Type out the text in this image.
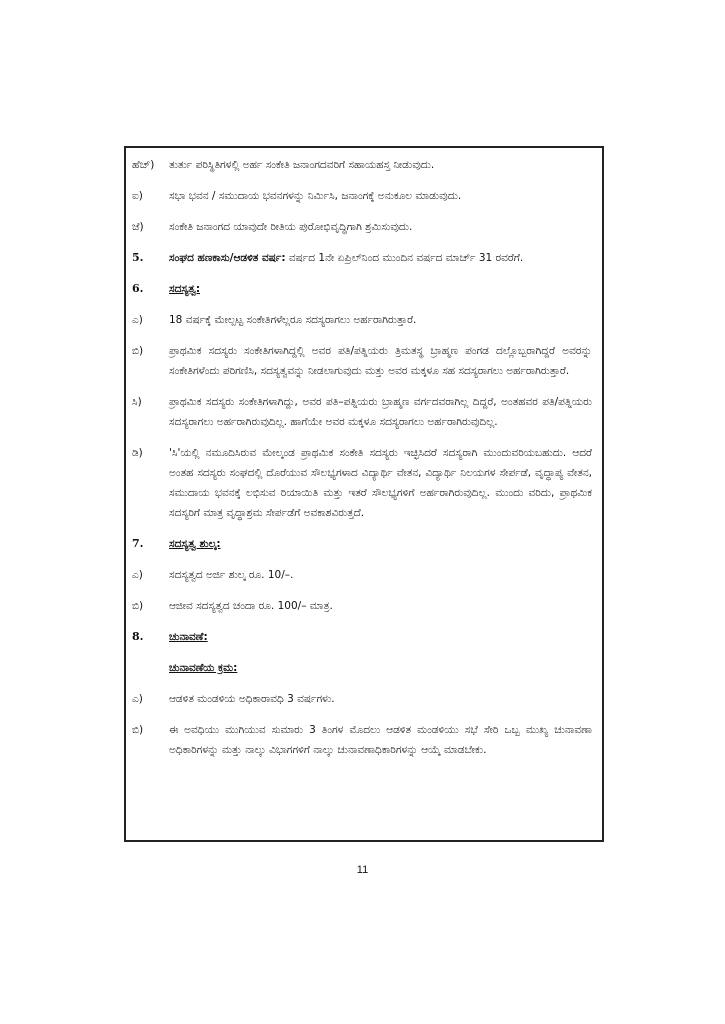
ಹೆಚ್)	ತುರ್ತು ಪರಿಸ್ಥಿತಿಗಳಲ್ಲಿ ಅರ್ಹ ಸಂಕೇತಿ ಜನಾಂಗದವರಿಗೆ ಸಹಾಯಹಸ್ತ ನೀಡುವುದು.
ಐ)	ಸಭಾ ಭವನ / ಸಮುದಾಯ ಭವನಗಳನ್ನು ನಿರ್ಮಿಸಿ, ಜನಾಂಗಕ್ಕೆ ಅನುಕೂಲ ಮಾಡುವುದು.
ಜೆ)	ಸಂಕೇತಿ ಜನಾಂಗದ ಯಾವುದೇ ರೀತಿಯ ಪುರೋಭಿವೃದ್ಧಿಗಾಗಿ ಶ್ರಮಿಸುವುದು.
5.	ಸಂಘದ ಹಣಕಾಸು/ಆಡಳಿತ ವರ್ಷ: ವರ್ಷದ 1ನೇ ಏಪ್ರಿಲ್‌ನಿಂದ ಮುಂದಿನ ವರ್ಷದ ಮಾರ್ಚ್ 31 ರವರೆಗೆ.
6.	ಸದಸ್ಯತ್ವ:
ಎ)	18 ವರ್ಷಕ್ಕೆ ಮೇಲ್ಪಟ್ಟ ಸಂಕೇತಿಗಳೆಲ್ಲರೂ ಸದಸ್ಯರಾಗಲು ಅರ್ಹರಾಗಿರುತ್ತಾರೆ.
ಬಿ)	ಪ್ರಾಥಮಿಕ ಸದಸ್ಯರು ಸಂಕೇತಿಗಳಾಗಿದ್ದಲ್ಲಿ ಅವರ ಪತಿ/ಪತ್ನಿಯರು ತ್ರಿಮತಸ್ಥ ಬ್ರಾಹ್ಮಣ ಪಂಗಡ ದಲ್ಲೊಬ್ಬರಾಗಿದ್ದರೆ ಅವರನ್ನು ಸಂಕೇತಿಗಳೆಂದು ಪರಿಗಣಿಸಿ, ಸದಸ್ಯತ್ವವನ್ನು ನೀಡಲಾಗುವುದು ಮತ್ತು ಅವರ ಮಕ್ಕಳೂ ಸಹ ಸದಸ್ಯರಾಗಲು ಅರ್ಹರಾಗಿರುತ್ತಾರೆ.
ಸಿ)	ಪ್ರಾಥಮಿಕ ಸದಸ್ಯರು ಸಂಕೇತಿಗಳಾಗಿದ್ದು, ಅವರ ಪತಿ–ಪತ್ನಿಯರು ಬ್ರಾಹ್ಮಣ ವರ್ಗದವರಾಗಿಲ್ಲ ದಿದ್ದರೆ, ಅಂತಹವರ ಪತಿ/ಪತ್ನಿಯರು ಸದಸ್ಯರಾಗಲು ಅರ್ಹರಾಗಿರುವುದಿಲ್ಲ. ಹಾಗೆಯೇ ಅವರ ಮಕ್ಕಳೂ ಸದಸ್ಯರಾಗಲು ಅರ್ಹರಾಗಿರುವುದಿಲ್ಲ.
ಡಿ)	'ಸಿ'ಯಲ್ಲಿ ನಮೂದಿಸಿರುವ ಮೇಲ್ಕಂಡ ಪ್ರಾಥಮಿಕ ಸಂಕೇತಿ ಸದಸ್ಯರು ಇಚ್ಛಿಸಿದರೆ ಸದಸ್ಯರಾಗಿ ಮುಂದುವರಿಯಬಹುದು. ಆದರೆ ಅಂತಹ ಸದಸ್ಯರು ಸಂಘದಲ್ಲಿ ದೊರೆಯುವ ಸೌಲಭ್ಯಗಳಾದ ವಿದ್ಯಾರ್ಥಿ ವೇತನ, ವಿದ್ಯಾರ್ಥಿ ನಿಲಯಗಳ ಸೇರ್ಪಡೆ, ವೃದ್ಧಾಪ್ಯ ವೇತನ, ಸಮುದಾಯ ಭವನಕ್ಕೆ ಲಭಿಸುವ ರಿಯಾಯಿತಿ ಮತ್ತು ಇತರೆ ಸೌಲಭ್ಯಗಳಿಗೆ ಅರ್ಹರಾಗಿರುವುದಿಲ್ಲ. ಮುಂದು ವರಿದು, ಪ್ರಾಥಮಿಕ ಸದಸ್ಯರಿಗೆ ಮಾತ್ರ ವೃದ್ಧಾಶ್ರಮ ಸೇರ್ಪಡೆಗೆ ಅವಕಾಶವಿರುತ್ತದೆ.
7.	ಸದಸ್ಯತ್ವ ಶುಲ್ಕ:
ಎ)	ಸದಸ್ಯತ್ವದ ಅರ್ಜಿ ಶುಲ್ಕ ರೂ. 10/–.
ಬಿ)	ಆಜೀವ ಸದಸ್ಯತ್ವದ ಚಂದಾ ರೂ. 100/– ಮಾತ್ರ.
8.	ಚುನಾವಣೆ:
ಚುನಾವಣೆಯ ಕ್ರಮ:
ಎ)	ಆಡಳಿತ ಮಂಡಳಿಯ ಅಧಿಕಾರಾವಧಿ 3 ವರ್ಷಗಳು.
ಬಿ)	ಈ ಅವಧಿಯು ಮುಗಿಯುವ ಸುಮಾರು 3 ತಿಂಗಳ ಮೊದಲು ಆಡಳಿತ ಮಂಡಳಿಯು ಸಭೆ ಸೇರಿ ಒಬ್ಬ ಮುಖ್ಯ ಚುನಾವಣಾ ಅಧಿಕಾರಿಗಳನ್ನು ಮತ್ತು ನಾಲ್ಕು ವಿಭಾಗಗಳಿಗೆ ನಾಲ್ಕು ಚುನಾವಣಾಧಿಕಾರಿಗಳನ್ನು ಆಯ್ಕೆ ಮಾಡಬೇಕು.
11
